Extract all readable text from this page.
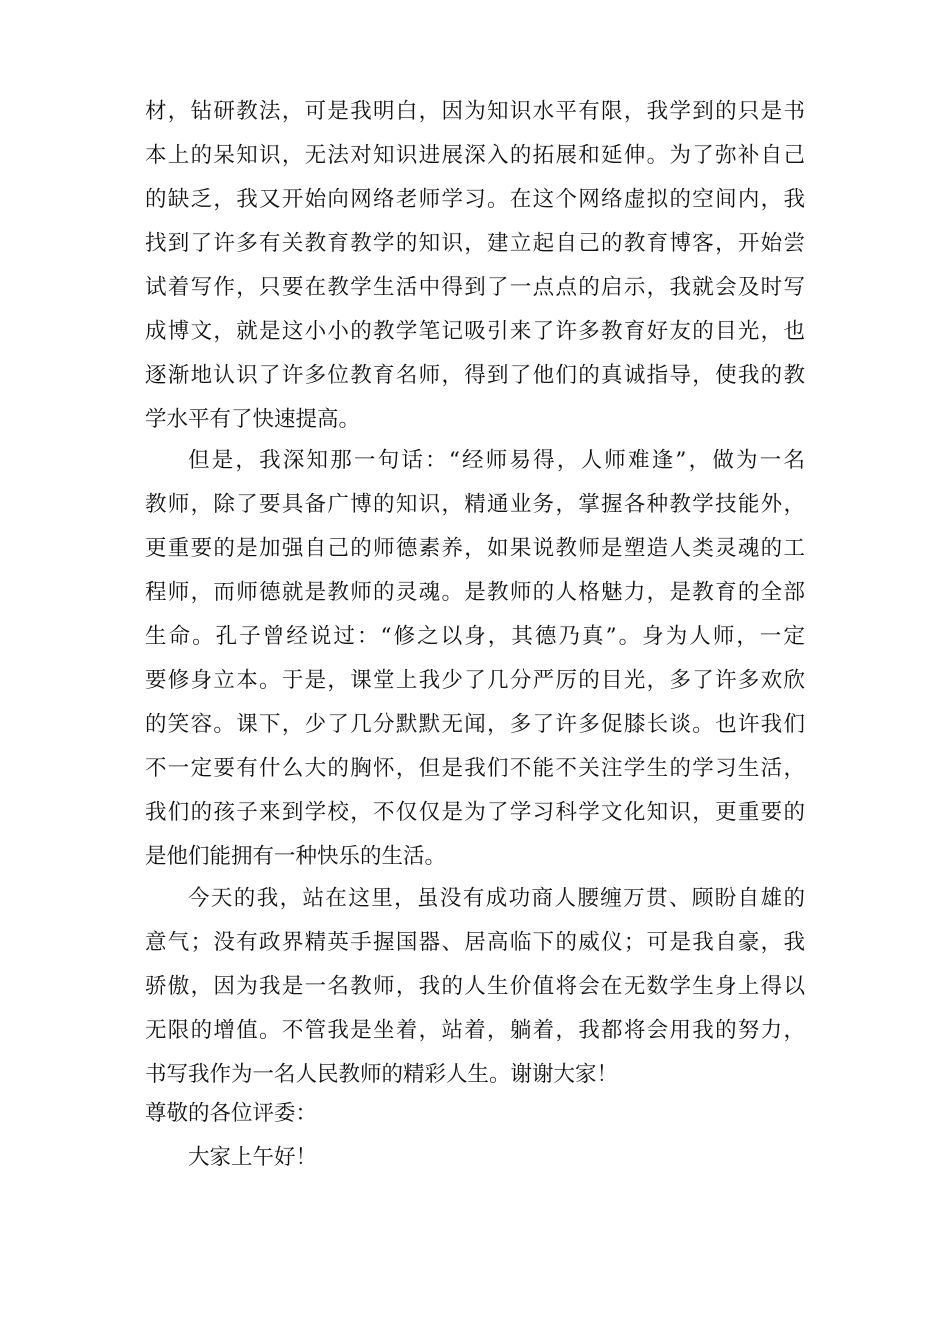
材，钻研教法，可是我明白，因为知识水平有限，我学到的只是书

本上的呆知识，无法对知识进展深入的拓展和延伸。为了弥补自己

的缺乏，我又开始向网络老师学习。在这个网络虚拟的空间内，我

找到了许多有关教育教学的知识，建立起自己的教育博客，开始尝

试着写作，只要在教学生活中得到了一点点的启示，我就会及时写

成博文，就是这小小的教学笔记吸引来了许多教育好友的目光，也

逐渐地认识了许多位教育名师，得到了他们的真诚指导，使我的教

学水平有了快速提高。

但是，我深知那一句话：“经师易得，人师难逢”，做为一名

教师，除了要具备广博的知识，精通业务，掌握各种教学技能外，

更重要的是加强自己的师德素养，如果说教师是塑造人类灵魂的工

程师，而师德就是教师的灵魂。是教师的人格魅力，是教育的全部

生命。孔子曾经说过：“修之以身，其德乃真”。身为人师，一定

要修身立本。于是，课堂上我少了几分严厉的目光，多了许多欢欣

的笑容。课下，少了几分默默无闻，多了许多促膝长谈。也许我们

不一定要有什么大的胸怀，但是我们不能不关注学生的学习生活，

我们的孩子来到学校，不仅仅是为了学习科学文化知识，更重要的

是他们能拥有一种快乐的生活。

今天的我，站在这里，虽没有成功商人腰缠万贯、顾盼自雄的

意气；没有政界精英手握国器、居高临下的威仪；可是我自豪，我

骄傲，因为我是一名教师，我的人生价值将会在无数学生身上得以

无限的增值。不管我是坐着，站着，躺着，我都将会用我的努力，

书写我作为一名人民教师的精彩人生。谢谢大家！

尊敬的各位评委：

大家上午好！
